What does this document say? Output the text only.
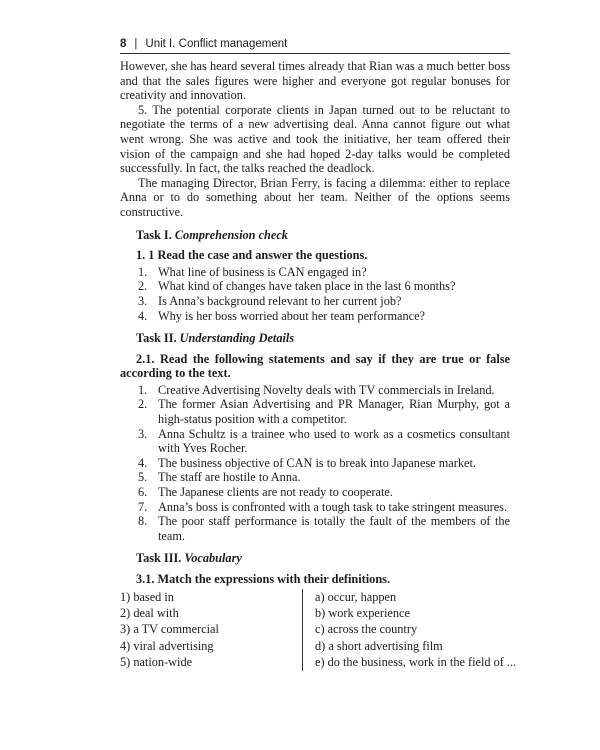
8 | Unit I. Conflict management

However, she has heard several times already that Rian was a much better boss and that the sales figures were higher and everyone got regular bonuses for creativity and innovation.

5. The potential corporate clients in Japan turned out to be reluctant to negotiate the terms of a new advertising deal. Anna cannot figure out what went wrong. She was active and took the initiative, her team offered their vision of the campaign and she had hoped 2-day talks would be completed successfully. In fact, the talks reached the deadlock.

The managing Director, Brian Ferry, is facing a dilemma: either to replace Anna or to do something about her team. Neither of the options seems constructive.

Task I. Comprehension check
1. 1 Read the case and answer the questions.
1. What line of business is CAN engaged in?
2. What kind of changes have taken place in the last 6 months?
3. Is Anna’s background relevant to her current job?
4. Why is her boss worried about her team performance?
Task II. Understanding Details
2.1. Read the following statements and say if they are true or false according to the text.
1. Creative Advertising Novelty deals with TV commercials in Ireland.
2. The former Asian Advertising and PR Manager, Rian Murphy, got a high-status position with a competitor.
3. Anna Schultz is a trainee who used to work as a cosmetics consultant with Yves Rocher.
4. The business objective of CAN is to break into Japanese market.
5. The staff are hostile to Anna.
6. The Japanese clients are not ready to cooperate.
7. Anna’s boss is confronted with a tough task to take stringent measures.
8. The poor staff performance is totally the fault of the members of the team.
Task III. Vocabulary
3.1. Match the expressions with their definitions.
1) based in
2) deal with
3) a TV commercial
4) viral advertising
5) nation-wide
a) occur, happen
b) work experience
c) across the country
d) a short advertising film
e) do the business, work in the field of ...
